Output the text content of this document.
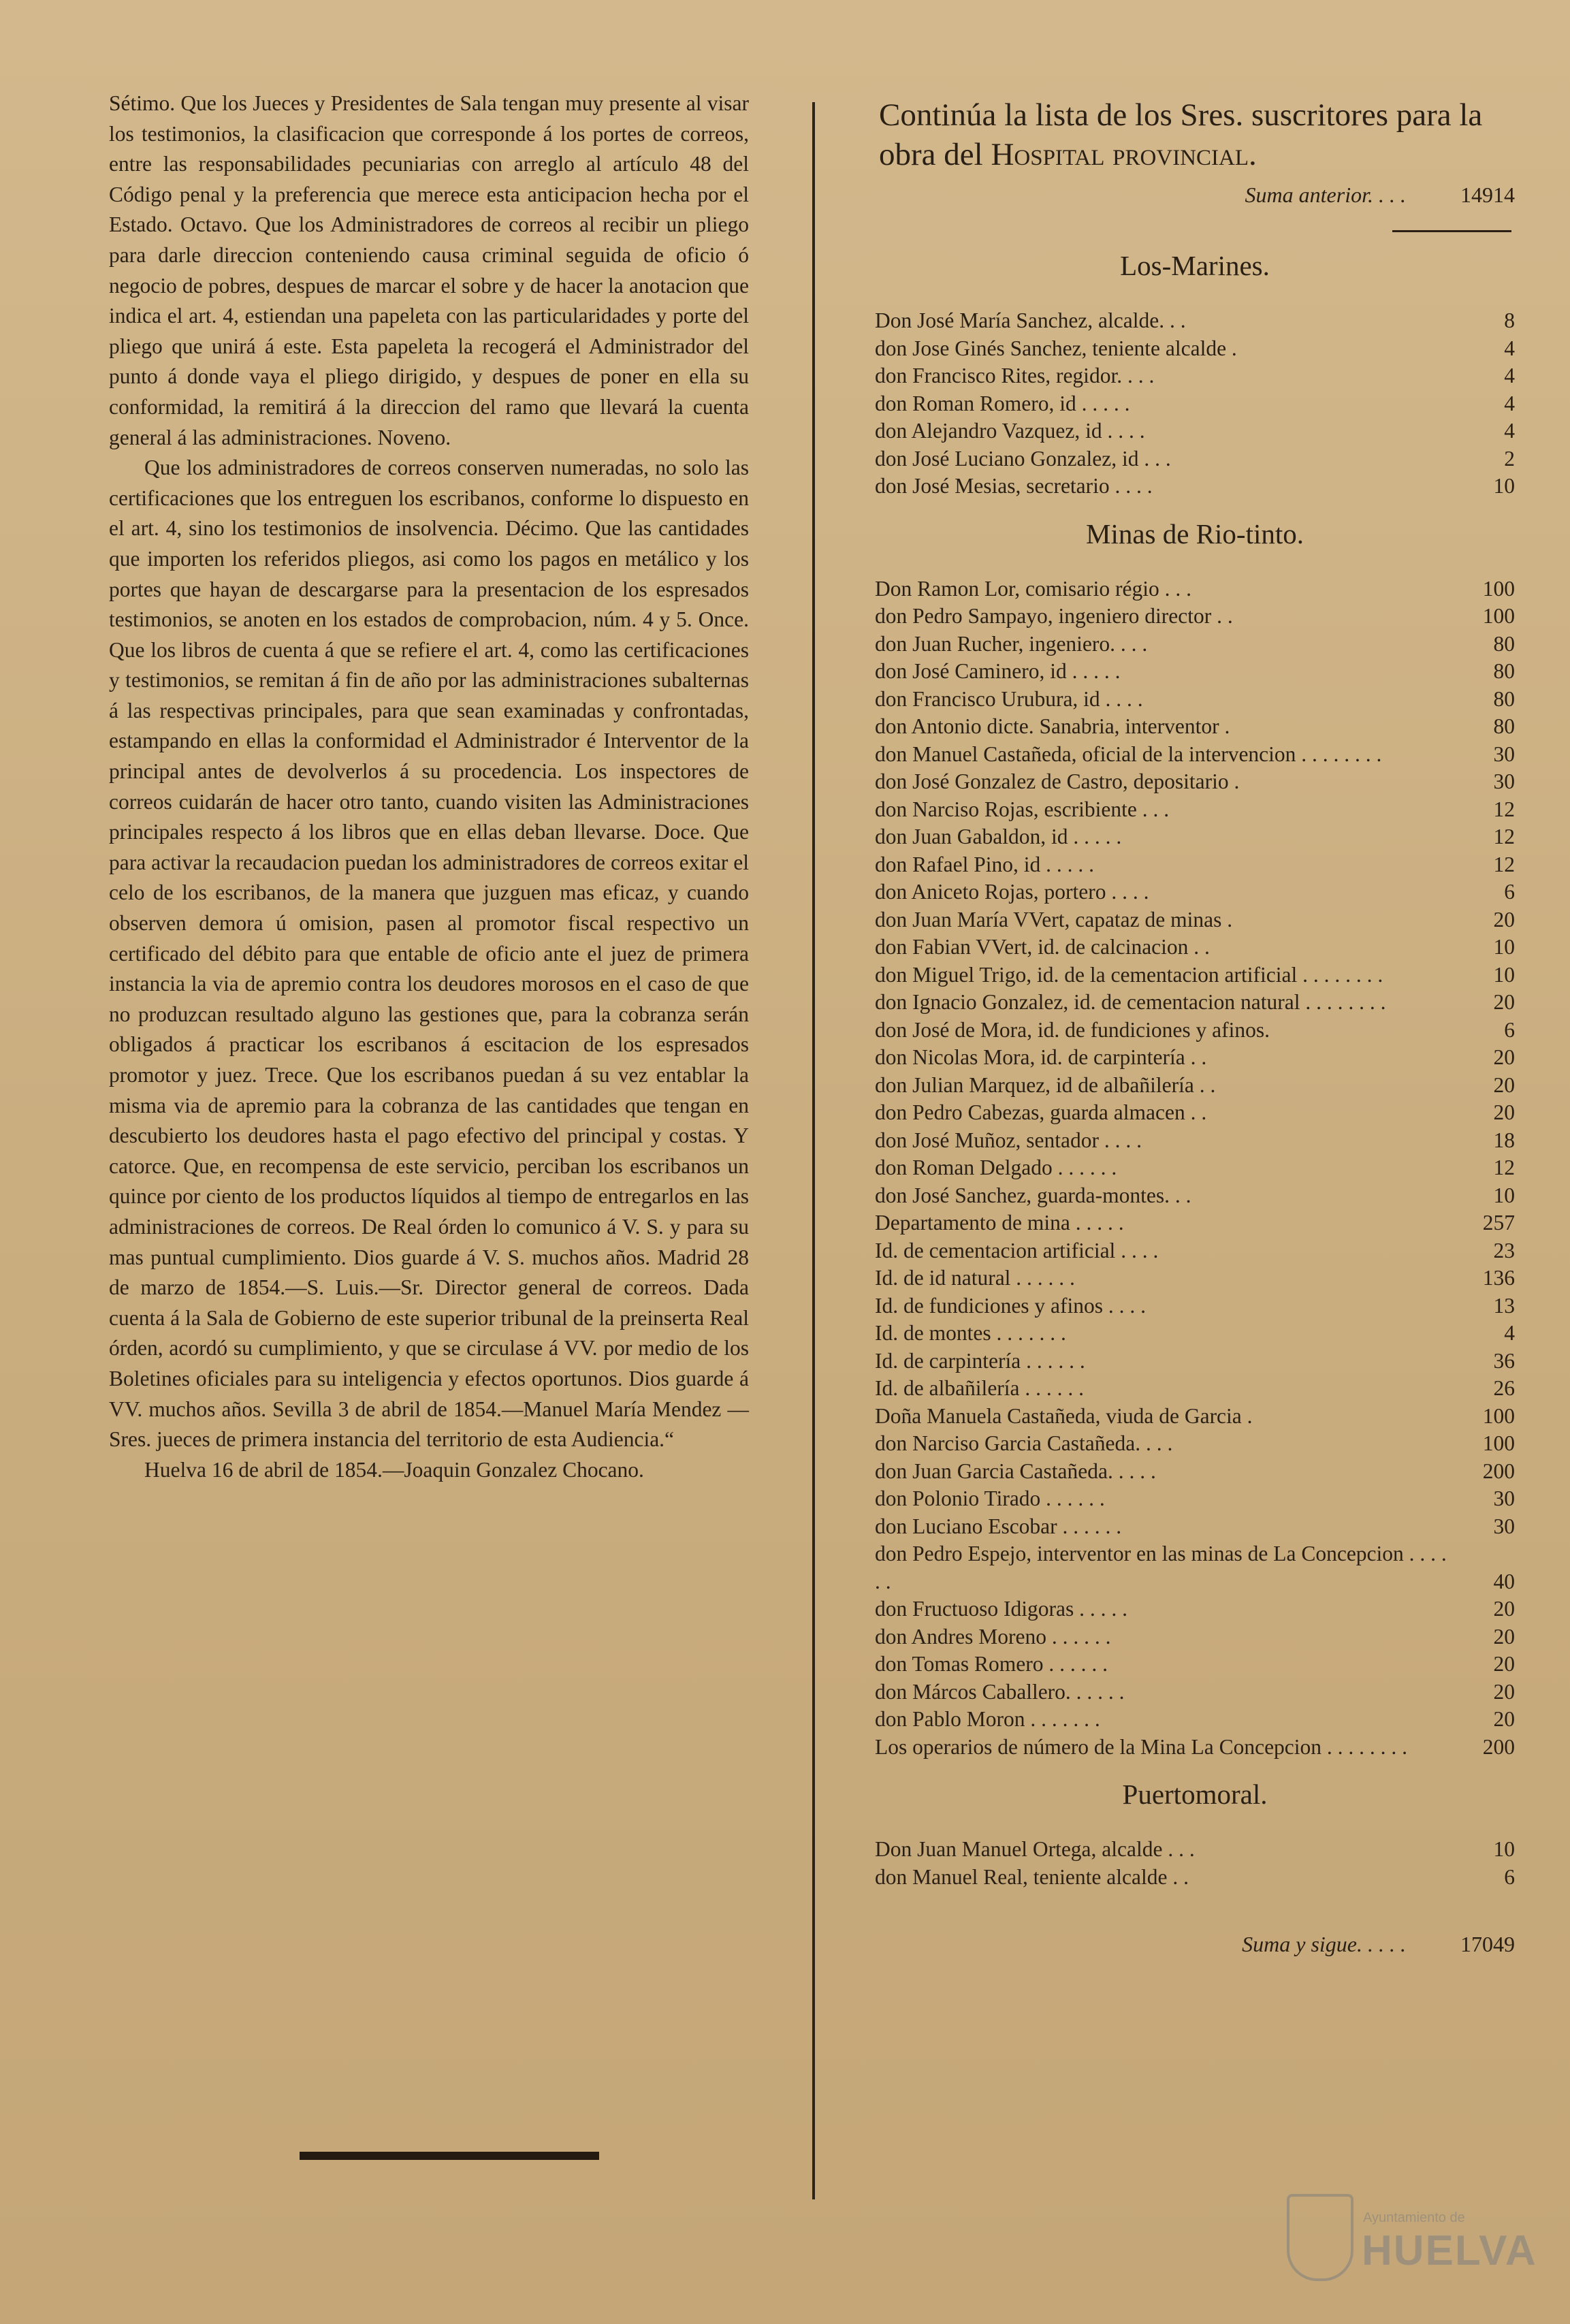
Sétimo. Que los Jueces y Presidentes de Sala tengan muy presente al visar los testimonios, la clasificacion que corresponde á los portes de correos, entre las responsabilidades pecuniarias con arreglo al artículo 48 del Código penal y la preferencia que merece esta anticipacion hecha por el Estado. Octavo. Que los Administradores de correos al recibir un pliego para darle direccion conteniendo causa criminal seguida de oficio ó negocio de pobres, despues de marcar el sobre y de hacer la anotacion que indica el art. 4, estiendan una papeleta con las particularidades y porte del pliego que unirá á este. Esta papeleta la recogerá el Administrador del punto á donde vaya el pliego dirigido, y despues de poner en ella su conformidad, la remitirá á la direccion del ramo que llevará la cuenta general á las administraciones. Noveno.

Que los administradores de correos conserven numeradas, no solo las certificaciones que los entreguen los escribanos, conforme lo dispuesto en el art. 4, sino los testimonios de insolvencia. Décimo. Que las cantidades que importen los referidos pliegos, asi como los pagos en metálico y los portes que hayan de descargarse para la presentacion de los espresados testimonios, se anoten en los estados de comprobacion, núm. 4 y 5. Once. Que los libros de cuenta á que se refiere el art. 4, como las certificaciones y testimonios, se remitan á fin de año por las administraciones subalternas á las respectivas principales, para que sean examinadas y confrontadas, estampando en ellas la conformidad el Administrador é Interventor de la principal antes de devolverlos á su procedencia. Los inspectores de correos cuidarán de hacer otro tanto, cuando visiten las Administraciones principales respecto á los libros que en ellas deban llevarse. Doce. Que para activar la recaudacion puedan los administradores de correos exitar el celo de los escribanos, de la manera que juzguen mas eficaz, y cuando observen demora ú omision, pasen al promotor fiscal respectivo un certificado del débito para que entable de oficio ante el juez de primera instancia la via de apremio contra los deudores morosos en el caso de que no produzcan resultado alguno las gestiones que, para la cobranza serán obligados á practicar los escribanos á escitacion de los espresados promotor y juez. Trece. Que los escribanos puedan á su vez entablar la misma via de apremio para la cobranza de las cantidades que tengan en descubierto los deudores hasta el pago efectivo del principal y costas. Y catorce. Que, en recompensa de este servicio, perciban los escribanos un quince por ciento de los productos líquidos al tiempo de entregarlos en las administraciones de correos. De Real órden lo comunico á V. S. y para su mas puntual cumplimiento. Dios guarde á V. S. muchos años. Madrid 28 de marzo de 1854.—S. Luis.—Sr. Director general de correos. Dada cuenta á la Sala de Gobierno de este superior tribunal de la preinserta Real órden, acordó su cumplimiento, y que se circulase á VV. por medio de los Boletines oficiales para su inteligencia y efectos oportunos. Dios guarde á VV. muchos años. Sevilla 3 de abril de 1854.—Manuel María Mendez —Sres. jueces de primera instancia del territorio de esta Audiencia.“

Huelva 16 de abril de 1854.—Joaquin Gonzalez Chocano.

Continúa la lista de los Sres. suscritores para la obra del Hospital provincial.
Suma anterior. . . .	14914
Los-Marines.
Don José María Sanchez, alcalde. . .	8
don Jose Ginés Sanchez, teniente alcalde .	4
don Francisco Rites, regidor. . . .	4
don Roman Romero, id . . . . .	4
don Alejandro Vazquez, id . . . .	4
don José Luciano Gonzalez, id . . .	2
don José Mesias, secretario . . . .	10
Minas de Rio-tinto.
Don Ramon Lor, comisario régio . . .	100
don Pedro Sampayo, ingeniero director . .	100
don Juan Rucher, ingeniero. . . .	80
don José Caminero, id . . . . .	80
don Francisco Urubura, id . . . .	80
don Antonio dicte. Sanabria, interventor .	80
don Manuel Castañeda, oficial de la intervencion . . . . . . . .	30
don José Gonzalez de Castro, depositario .	30
don Narciso Rojas, escribiente . . .	12
don Juan Gabaldon, id . . . . .	12
don Rafael Pino, id . . . . .	12
don Aniceto Rojas, portero . . . .	6
don Juan María VVert, capataz de minas .	20
don Fabian VVert, id. de calcinacion . .	10
don Miguel Trigo, id. de la cementacion artificial . . . . . . . .	10
don Ignacio Gonzalez, id. de cementacion natural . . . . . . . .	20
don José de Mora, id. de fundiciones y afinos.	6
don Nicolas Mora, id. de carpintería . .	20
don Julian Marquez, id de albañilería . .	20
don Pedro Cabezas, guarda almacen . .	20
don José Muñoz, sentador . . . .	18
don Roman Delgado . . . . . .	12
don José Sanchez, guarda-montes. . .	10
Departamento de mina . . . . .	257
Id. de cementacion artificial . . . .	23
Id. de id natural . . . . . .	136
Id. de fundiciones y afinos . . . .	13
Id. de montes . . . . . . .	4
Id. de carpintería . . . . . .	36
Id. de albañilería . . . . . .	26
Doña Manuela Castañeda, viuda de Garcia .	100
don Narciso Garcia Castañeda. . . .	100
don Juan Garcia Castañeda. . . . .	200
don Polonio Tirado . . . . . .	30
don Luciano Escobar . . . . . .	30
don Pedro Espejo, interventor en las minas de La Concepcion . . . . . .	40
don Fructuoso Idigoras . . . . .	20
don Andres Moreno . . . . . .	20
don Tomas Romero . . . . . .	20
don Márcos Caballero. . . . . .	20
don Pablo Moron . . . . . . .	20
Los operarios de número de la Mina La Concepcion . . . . . . . .	200
Puertomoral.
Don Juan Manuel Ortega, alcalde . . .	10
don Manuel Real, teniente alcalde . .	6
Suma y sigue. . . . .	17049
Ayuntamiento de
HUELVA
